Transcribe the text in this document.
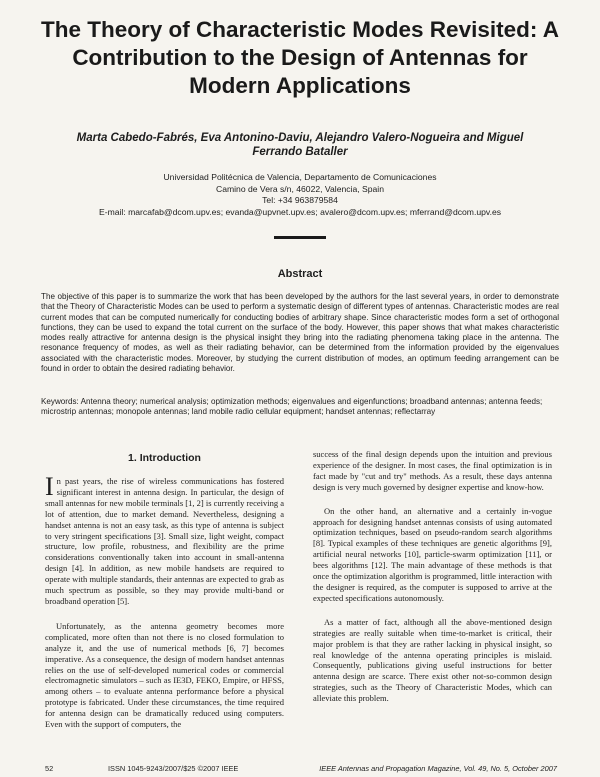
The Theory of Characteristic Modes Revisited: A Contribution to the Design of Antennas for Modern Applications
Marta Cabedo-Fabrés, Eva Antonino-Daviu, Alejandro Valero-Nogueira and Miguel Ferrando Bataller
Universidad Politécnica de Valencia, Departamento de Comunicaciones
Camino de Vera s/n, 46022, Valencia, Spain
Tel: +34 963879584
E-mail: marcafab@dcom.upv.es; evanda@upvnet.upv.es; avalero@dcom.upv.es; mferrand@dcom.upv.es
Abstract
The objective of this paper is to summarize the work that has been developed by the authors for the last several years, in order to demonstrate that the Theory of Characteristic Modes can be used to perform a systematic design of different types of antennas. Characteristic modes are real current modes that can be computed numerically for conducting bodies of arbitrary shape. Since characteristic modes form a set of orthogonal functions, they can be used to expand the total current on the surface of the body. However, this paper shows that what makes characteristic modes really attractive for antenna design is the physical insight they bring into the radiating phenomena taking place in the antenna. The resonance frequency of modes, as well as their radiating behavior, can be determined from the information provided by the eigenvalues associated with the characteristic modes. Moreover, by studying the current distribution of modes, an optimum feeding arrangement can be found in order to obtain the desired radiating behavior.
Keywords: Antenna theory; numerical analysis; optimization methods; eigenvalues and eigenfunctions; broadband antennas; antenna feeds; microstrip antennas; monopole antennas; land mobile radio cellular equipment; handset antennas; reflectarray
1. Introduction

In past years, the rise of wireless communications has fostered significant interest in antenna design. In particular, the design of small antennas for new mobile terminals [1, 2] is currently receiving a lot of attention, due to market demand. Nevertheless, designing a handset antenna is not an easy task, as this type of antenna is subject to very stringent specifications [3]. Small size, light weight, compact structure, low profile, robustness, and flexibility are the prime considerations conventionally taken into account in small-antenna design [4]. In addition, as new mobile handsets are required to operate with multiple standards, their antennas are expected to grab as much spectrum as possible, so they may provide multi-band or broadband operation [5].

Unfortunately, as the antenna geometry becomes more complicated, more often than not there is no closed formulation to analyze it, and the use of numerical methods [6, 7] becomes imperative. As a consequence, the design of modern handset antennas relies on the use of self-developed numerical codes or commercial electromagnetic simulators – such as IE3D, FEKO, Empire, or HFSS, among others – to evaluate antenna performance before a physical prototype is fabricated. Under these circumstances, the time required for antenna design can be dramatically reduced using computers. Even with the support of computers, the

success of the final design depends upon the intuition and previous experience of the designer. In most cases, the final optimization is in fact made by "cut and try" methods. As a result, these days antenna design is very much governed by designer expertise and know-how.

On the other hand, an alternative and a certainly in-vogue approach for designing handset antennas consists of using automated optimization techniques, based on pseudo-random search algorithms [8]. Typical examples of these techniques are genetic algorithms [9], artificial neural networks [10], particle-swarm optimization [11], or bees algorithms [12]. The main advantage of these methods is that once the optimization algorithm is programmed, little interaction with the designer is required, as the computer is supposed to arrive at the expected specifications autonomously.

As a matter of fact, although all the above-mentioned design strategies are really suitable when time-to-market is critical, their major problem is that they are rather lacking in physical insight, so real knowledge of the antenna operating principles is mislaid. Consequently, publications giving useful instructions for better antenna design are scarce. There exist other not-so-common design strategies, such as the Theory of Characteristic Modes, which can alleviate this problem.

52	ISSN 1045-9243/2007/$25 ©2007 IEEE	IEEE Antennas and Propagation Magazine, Vol. 49, No. 5, October 2007
